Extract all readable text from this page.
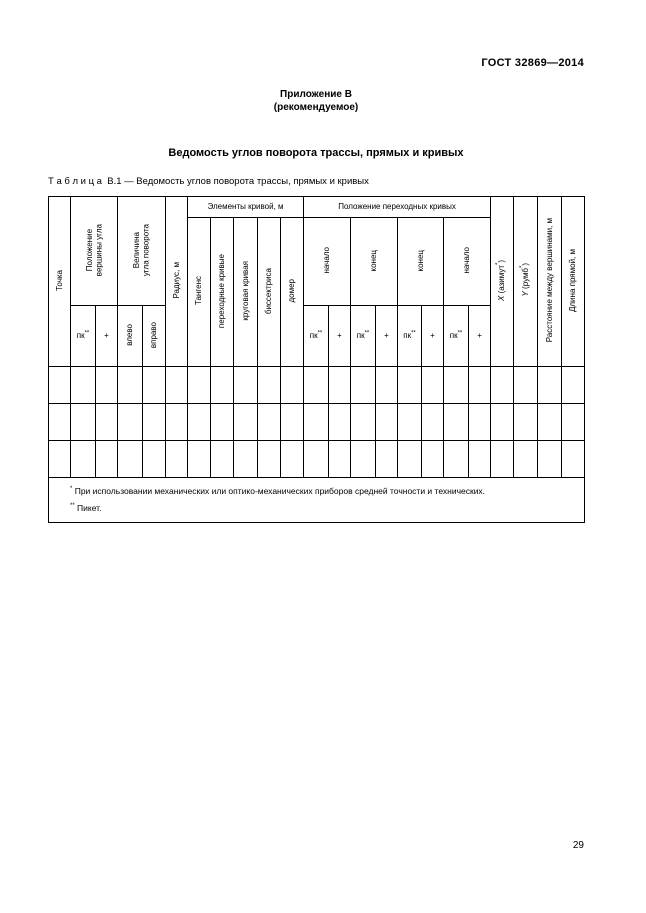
ГОСТ 32869—2014
Приложение В
(рекомендуемое)
Ведомость углов поворота трассы, прямых и кривых
Т а б л и ц а В.1 — Ведомость углов поворота трассы, прямых и кривых
Точка	Положение вершины угла		Величина угла поворота		Радиус, м	Элементы кривой, м					Положение переходных кривых								X (азимут*)	Y (румб*)	Расстояние между вершинами, м	Длина прямой, м
						Тангенс	переходные кривые	круговая кривая	биссектриса	домер	начало		конец		конец		начало					
	пк**	+	влево	вправо							пк**	+	пк**	+	пк**	+	пк**	+				

* При использовании механических или оптико-механических приборов средней точности и технических.

** Пикет.																						

29
